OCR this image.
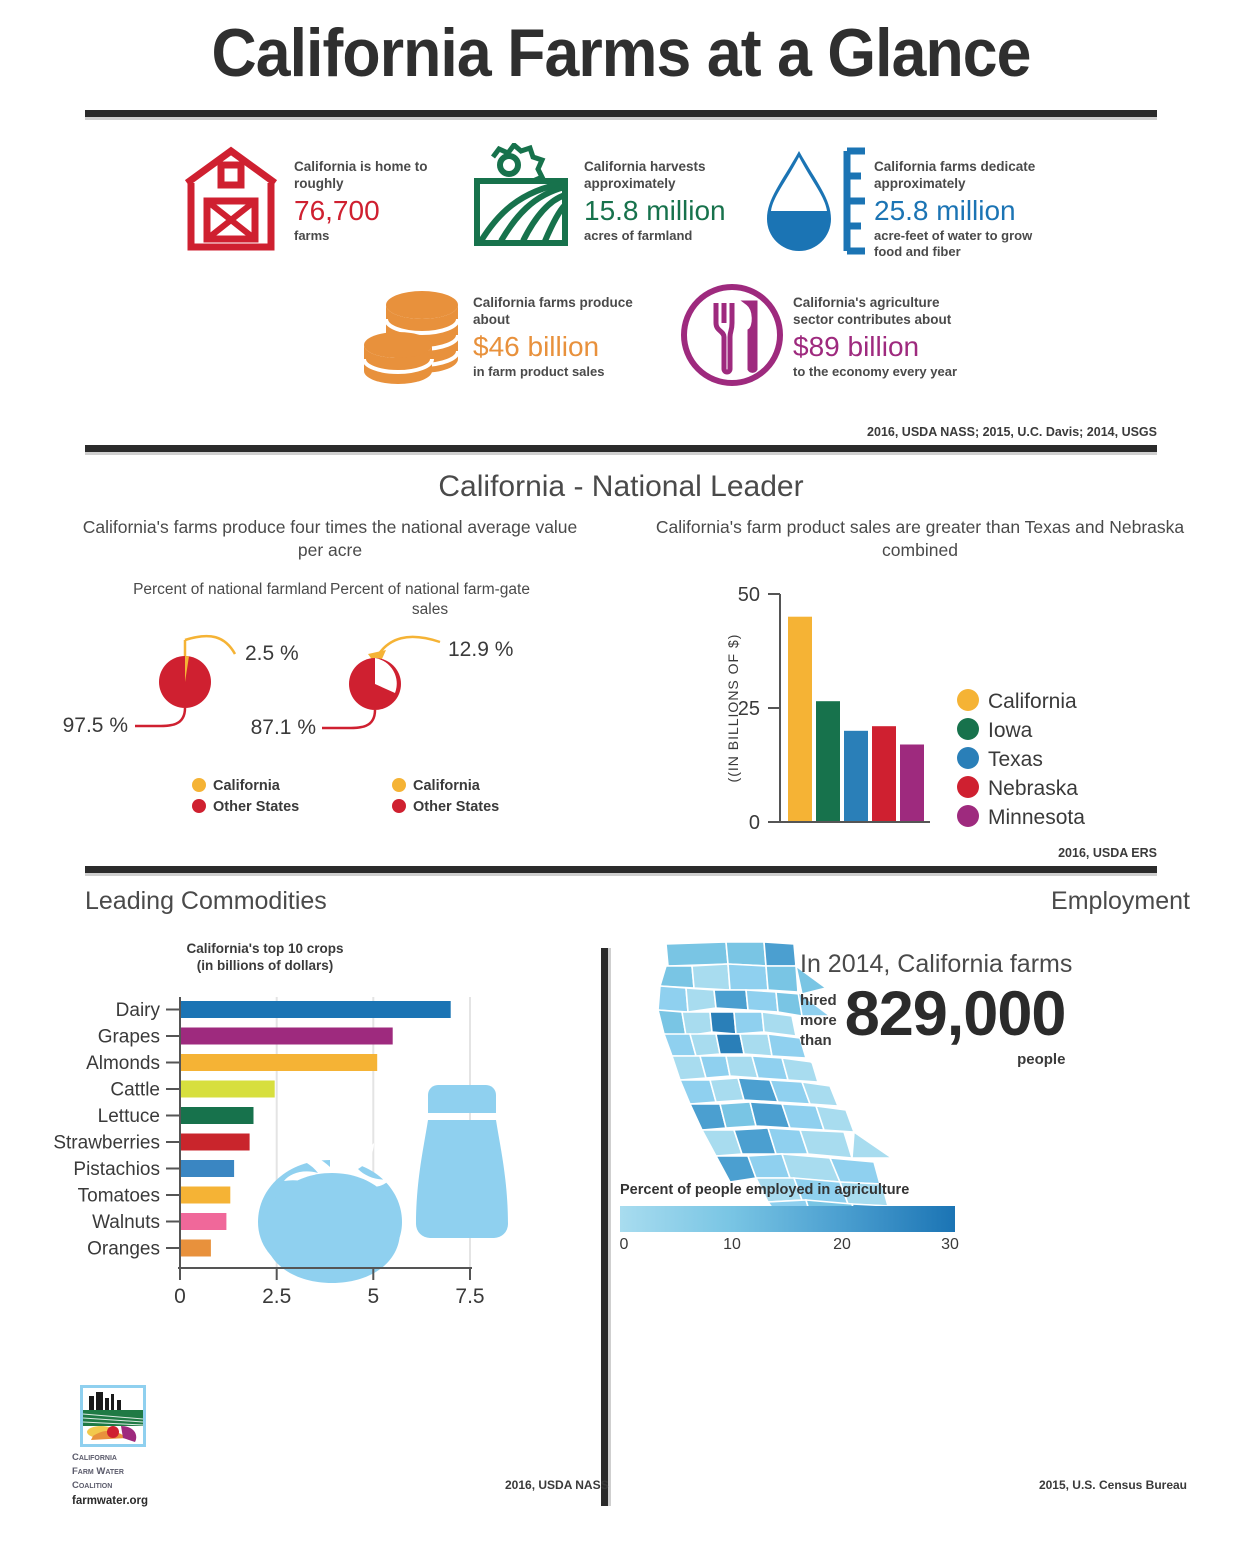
California Farms at a Glance
California is home to roughly
76,700
farms
California harvests approximately
15.8 million
acres of farmland
California farms dedicate approximately
25.8 million
acre-feet of water to grow food and fiber
California farms produce about
$46 billion
in farm product sales
California's agriculture sector contributes about
$89 billion
to the economy every year
2016, USDA NASS; 2015, U.C. Davis; 2014, USGS
California - National Leader
California's farms produce four times the national average value per acre
Percent of national farmland Percent of national farm-gate sales
2.5 %
97.5 %
12.9 %
87.1 %
California
Other States
California
Other States
California's farm product sales are greater than Texas and Nebraska combined
50
25
0
((IN BILLIONS OF $)	California
Iowa
Texas
Nebraska
Minnesota
2016, USDA ERS
Leading Commodities
California's top 10 crops
(in billions of dollars)
Dairy
Grapes
Almonds
Cattle
Lettuce
Strawberries
Pistachios
Tomatoes
Walnuts
Oranges
0	2.5	5	7.5
Employment
In 2014, California farms
hired
more
than 829,000
people
Percent of people employed in agriculture
0	10	20	30
California
Farm Water
Coalition
farmwater.org
2016, USDA NASS	2015, U.S. Census Bureau
